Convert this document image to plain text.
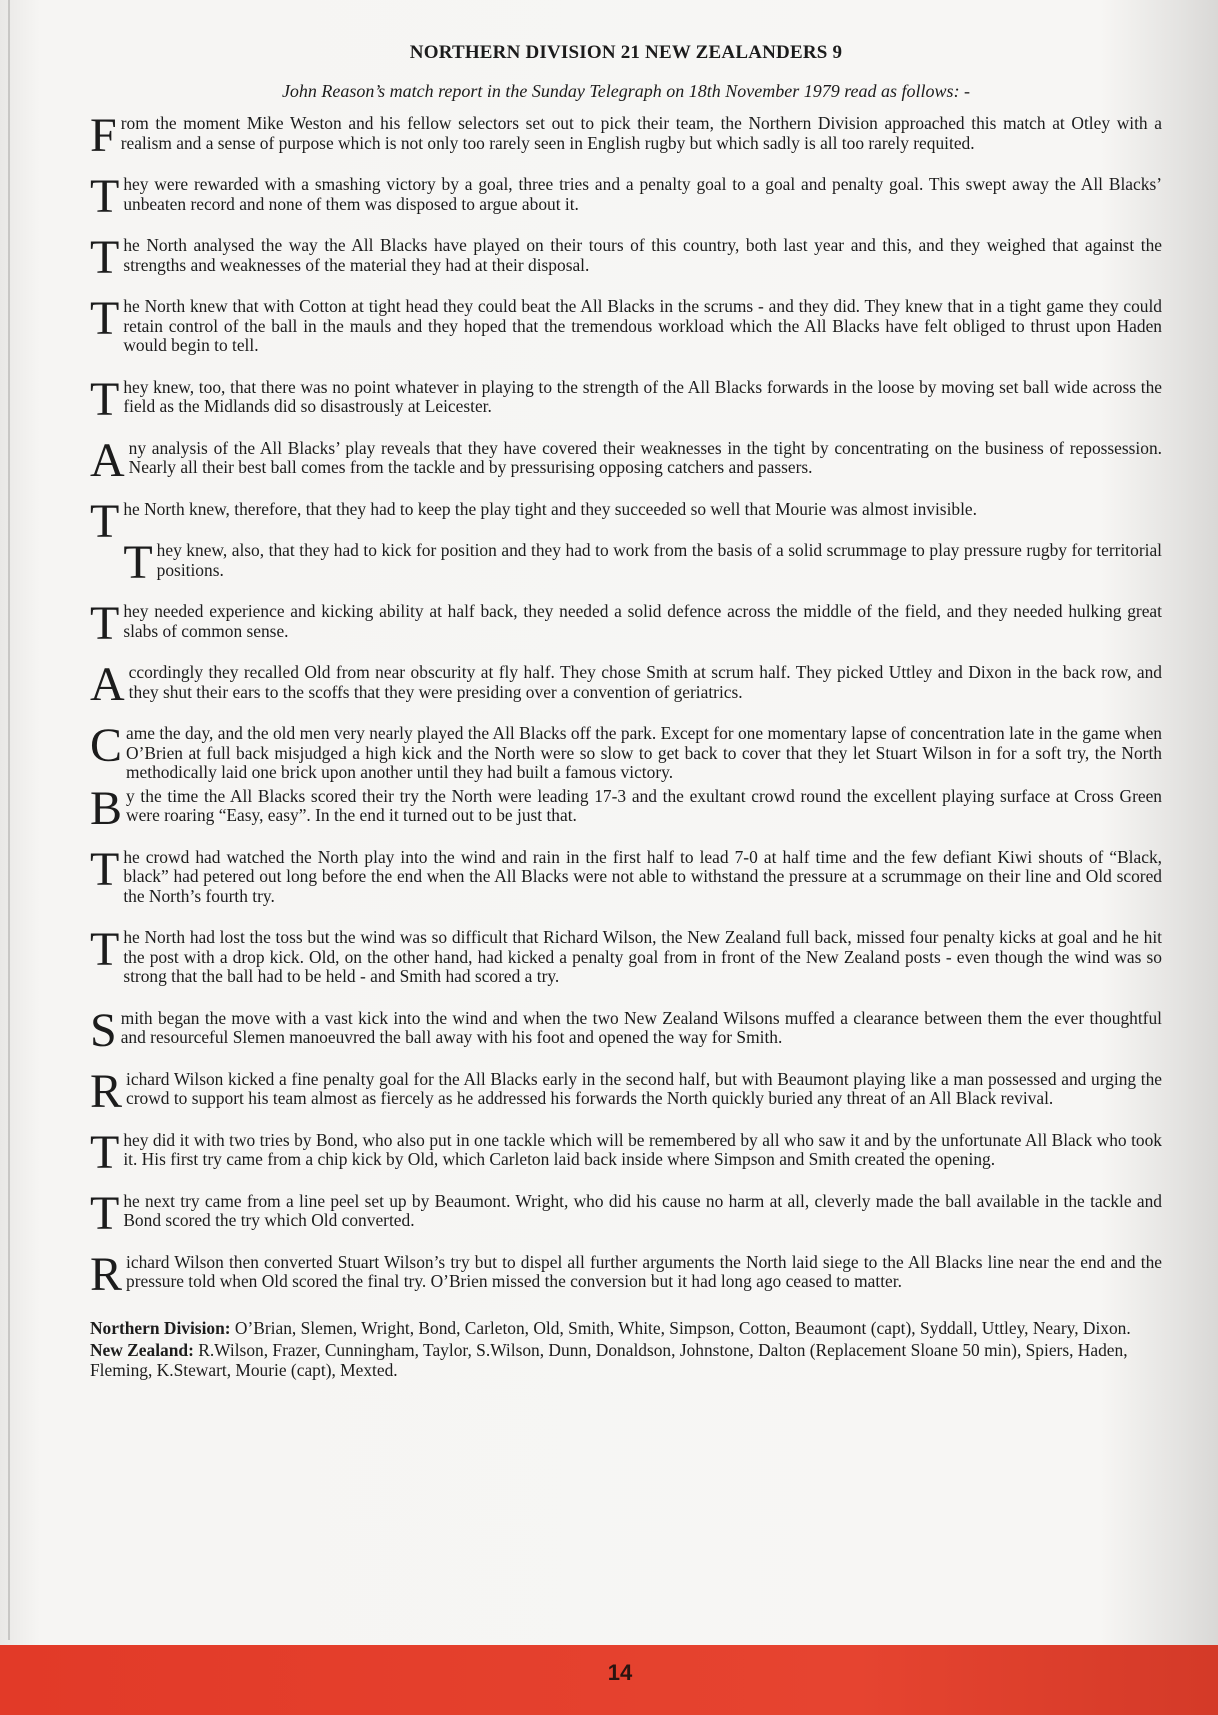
NORTHERN DIVISION 21 NEW ZEALANDERS 9
John Reason’s match report in the Sunday Telegraph on 18th November 1979 read as follows: -
From the moment Mike Weston and his fellow selectors set out to pick their team, the Northern Division approached this match at Otley with a realism and a sense of purpose which is not only too rarely seen in English rugby but which sadly is all too rarely requited.
They were rewarded with a smashing victory by a goal, three tries and a penalty goal to a goal and penalty goal. This swept away the All Blacks’ unbeaten record and none of them was disposed to argue about it.
The North analysed the way the All Blacks have played on their tours of this country, both last year and this, and they weighed that against the strengths and weaknesses of the material they had at their disposal.
The North knew that with Cotton at tight head they could beat the All Blacks in the scrums - and they did. They knew that in a tight game they could retain control of the ball in the mauls and they hoped that the tremendous workload which the All Blacks have felt obliged to thrust upon Haden would begin to tell.
They knew, too, that there was no point whatever in playing to the strength of the All Blacks forwards in the loose by moving set ball wide across the field as the Midlands did so disastrously at Leicester.
Any analysis of the All Blacks’ play reveals that they have covered their weaknesses in the tight by concentrating on the business of repossession. Nearly all their best ball comes from the tackle and by pressurising opposing catchers and passers.
The North knew, therefore, that they had to keep the play tight and they succeeded so well that Mourie was almost invisible.
They knew, also, that they had to kick for position and they had to work from the basis of a solid scrummage to play pressure rugby for territorial positions.
They needed experience and kicking ability at half back, they needed a solid defence across the middle of the field, and they needed hulking great slabs of common sense.
Accordingly they recalled Old from near obscurity at fly half. They chose Smith at scrum half. They picked Uttley and Dixon in the back row, and they shut their ears to the scoffs that they were presiding over a convention of geriatrics.
Came the day, and the old men very nearly played the All Blacks off the park. Except for one momentary lapse of concentration late in the game when O’Brien at full back misjudged a high kick and the North were so slow to get back to cover that they let Stuart Wilson in for a soft try, the North methodically laid one brick upon another until they had built a famous victory.
By the time the All Blacks scored their try the North were leading 17-3 and the exultant crowd round the excellent playing surface at Cross Green were roaring “Easy, easy”. In the end it turned out to be just that.
The crowd had watched the North play into the wind and rain in the first half to lead 7-0 at half time and the few defiant Kiwi shouts of “Black, black” had petered out long before the end when the All Blacks were not able to withstand the pressure at a scrummage on their line and Old scored the North’s fourth try.
The North had lost the toss but the wind was so difficult that Richard Wilson, the New Zealand full back, missed four penalty kicks at goal and he hit the post with a drop kick. Old, on the other hand, had kicked a penalty goal from in front of the New Zealand posts - even though the wind was so strong that the ball had to be held - and Smith had scored a try.
Smith began the move with a vast kick into the wind and when the two New Zealand Wilsons muffed a clearance between them the ever thoughtful and resourceful Slemen manoeuvred the ball away with his foot and opened the way for Smith.
Richard Wilson kicked a fine penalty goal for the All Blacks early in the second half, but with Beaumont playing like a man possessed and urging the crowd to support his team almost as fiercely as he addressed his forwards the North quickly buried any threat of an All Black revival.
They did it with two tries by Bond, who also put in one tackle which will be remembered by all who saw it and by the unfortunate All Black who took it. His first try came from a chip kick by Old, which Carleton laid back inside where Simpson and Smith created the opening.
The next try came from a line peel set up by Beaumont. Wright, who did his cause no harm at all, cleverly made the ball available in the tackle and Bond scored the try which Old converted.
Richard Wilson then converted Stuart Wilson’s try but to dispel all further arguments the North laid siege to the All Blacks line near the end and the pressure told when Old scored the final try. O’Brien missed the conversion but it had long ago ceased to matter.
Northern Division: O’Brian, Slemen, Wright, Bond, Carleton, Old, Smith, White, Simpson, Cotton, Beaumont (capt), Syddall, Uttley, Neary, Dixon.
New Zealand: R.Wilson, Frazer, Cunningham, Taylor, S.Wilson, Dunn, Donaldson, Johnstone, Dalton (Replacement Sloane 50 min), Spiers, Haden, Fleming, K.Stewart, Mourie (capt), Mexted.
14
